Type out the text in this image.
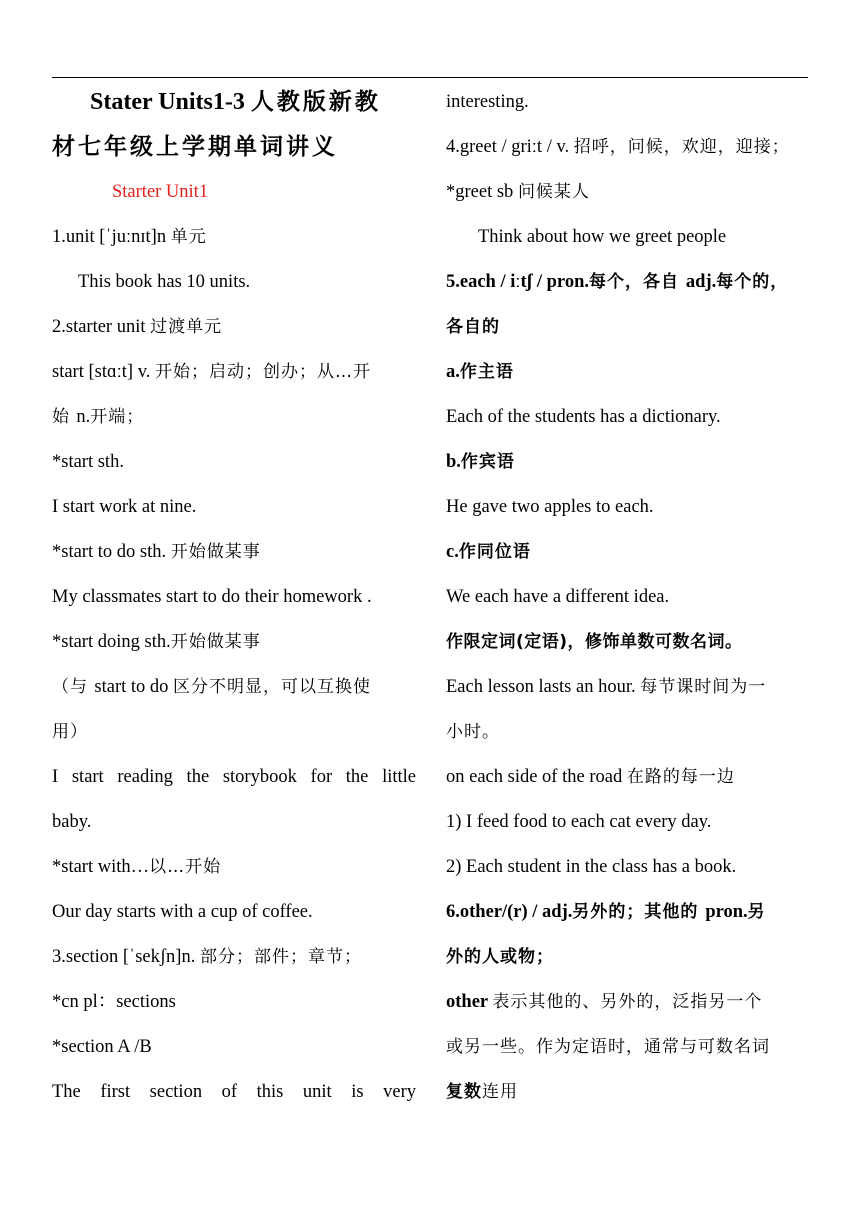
Stater Units1-3 人教版新教
材七年级上学期单词讲义
Starter Unit1
1.unit [ˈjuːnɪt]n 单元
This book has 10 units.
2.starter unit 过渡单元
start [stɑːt] v. 开始；启动；创办；从…开
始 n.开端；
*start sth.
I start work at nine.
*start to do sth. 开始做某事
My classmates start to do their homework .
*start doing sth.开始做某事
（与 start to do 区分不明显，可以互换使
用）
I start reading the storybook for the little
baby.
*start with…以…开始
Our day starts with a cup of coffee.
3.section [ˈsekʃn]n. 部分；部件；章节；
*cn pl：sections
*section A /B
The first section of this unit is very
interesting.
4.greet / griːt / v. 招呼，问候，欢迎，迎接；
*greet sb 问候某人
Think about how we greet people
5.each / iːtʃ / pron.每个，各自 adj.每个的，
各自的
a.作主语
Each of the students has a dictionary.
b.作宾语
He gave two apples to each.
c.作同位语
We each have a different idea.
作限定词(定语)，修饰单数可数名词。
Each lesson lasts an hour. 每节课时间为一
小时。
on each side of the road 在路的每一边
1) I feed food to each cat every day.
2) Each student in the class has a book.
6.other/(r) / adj.另外的；其他的 pron.另
外的人或物；
other 表示其他的、另外的，泛指另一个
或另一些。作为定语时，通常与可数名词
复数连用
